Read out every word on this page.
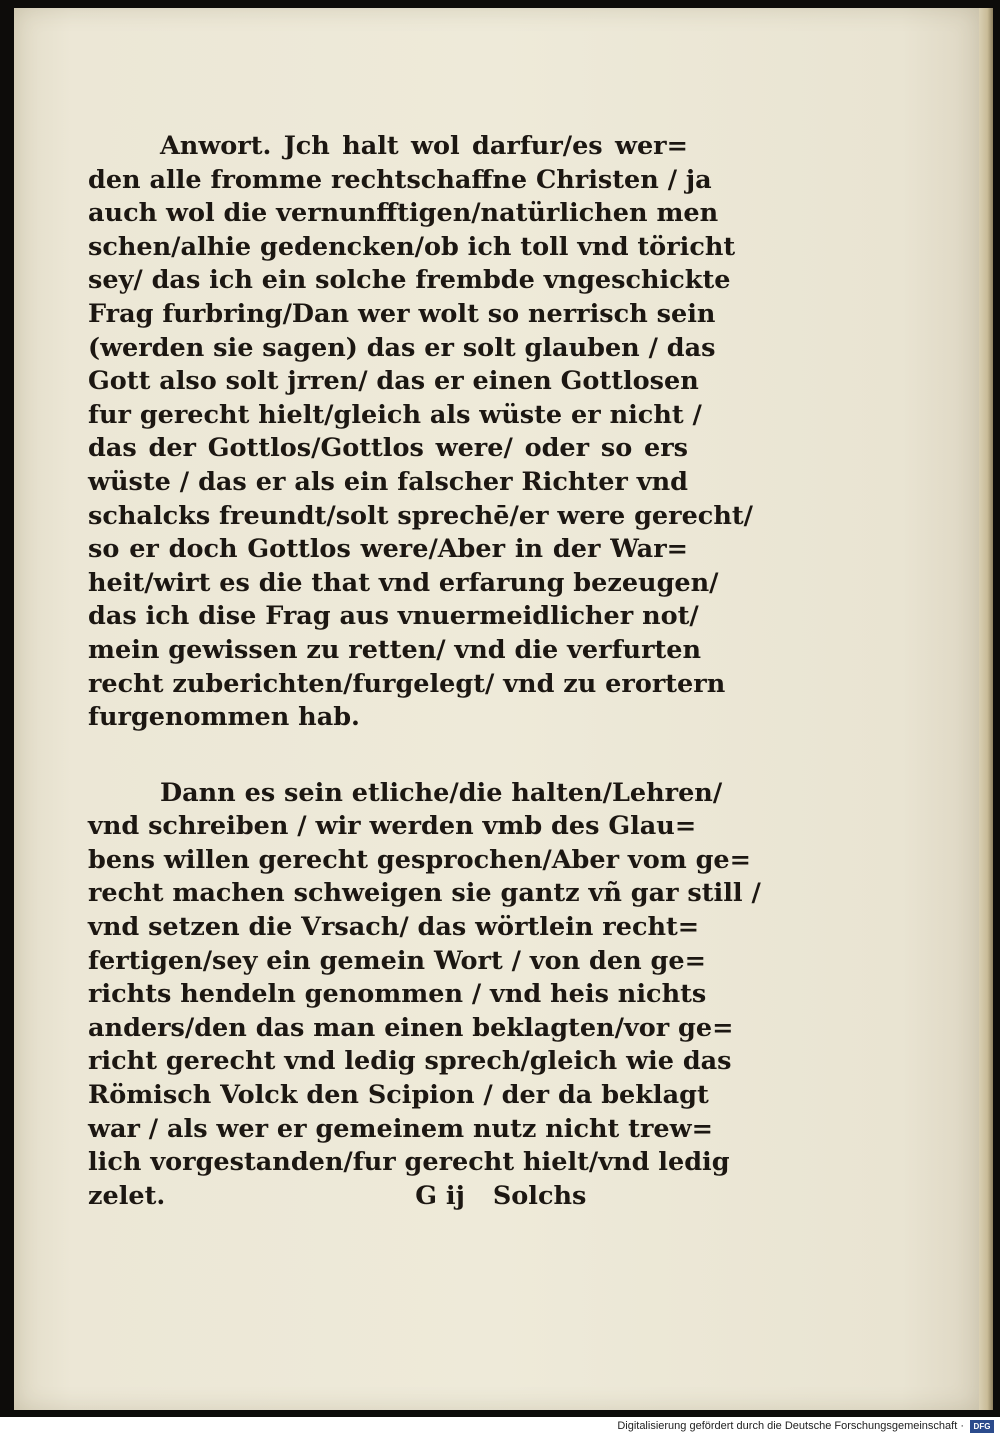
Anwort. Jch halt wol darfur/es wer=
den alle fromme rechtschaffne Christen / ja
auch wol die vernunfftigen/natürlichen men
schen/alhie gedencken/ob ich toll vnd töricht
sey/ das ich ein solche frembde vngeschickte
Frag furbring/Dan wer wolt so nerrisch sein
(werden sie sagen) das er solt glauben / das
Gott also solt jrren/ das er einen Gottlosen
fur gerecht hielt/gleich als wüste er nicht /
das der Gottlos/Gottlos were/ oder so ers
wüste / das er als ein falscher Richter vnd
schalcks freundt/solt sprechē/er were gerecht/
so er doch Gottlos were/Aber in der War=
heit/wirt es die that vnd erfarung bezeugen/
das ich dise Frag aus vnuermeidlicher not/
mein gewissen zu retten/ vnd die verfurten
recht zuberichten/furgelegt/ vnd zu erortern
furgenommen hab.
Dann es sein etliche/die halten/Lehren/
vnd schreiben / wir werden vmb des Glau=
bens willen gerecht gesprochen/Aber vom ge=
recht machen schweigen sie gantz vñ gar still /
vnd setzen die Vrsach/ das wörtlein recht=
fertigen/sey ein gemein Wort / von den ge=
richts hendeln genommen / vnd heis nichts
anders/den das man einen beklagten/vor ge=
richt gerecht vnd ledig sprech/gleich wie das
Römisch Volck den Scipion / der da beklagt
war / als wer er gemeinem nutz nicht trew=
lich vorgestanden/fur gerecht hielt/vnd ledig
zelet.	G ij Solchs
Digitalisierung gefördert durch die Deutsche Forschungsgemeinschaft ·	DFG
